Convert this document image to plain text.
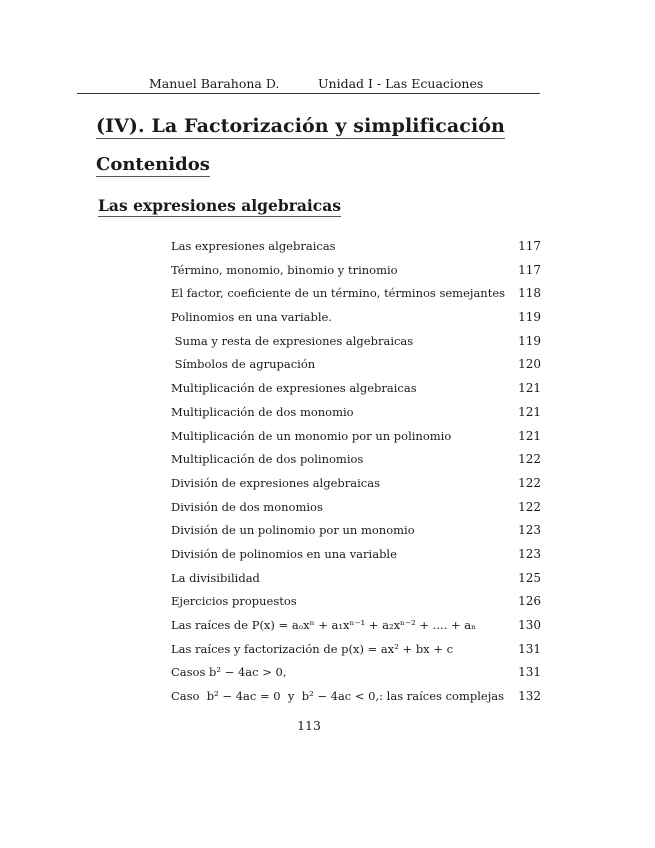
Manuel Barahona D.	Unidad I - Las Ecuaciones
(IV). La Factorización y simplificación
Contenidos
Las expresiones algebraicas
Las expresiones algebraicas	117
Término, monomio, binomio y trinomio	117
El factor, coeficiente de un término, términos semejantes 118
Polinomios en una variable.	119
Suma y resta de expresiones algebraicas	119
Símbolos de agrupación	120
Multiplicación de expresiones algebraicas	121
Multiplicación de dos monomio	121
Multiplicación de un monomio por un polinomio	121
Multiplicación de dos polinomios	122
División de expresiones algebraicas	122
División de dos monomios	122
División de un polinomio por un monomio	123
División de polinomios en una variable	123
La divisibilidad	125
Ejercicios propuestos	126
Las raíces de P(x) = aₒxⁿ + a₁xⁿ⁻¹ + a₂xⁿ⁻² + .... + aₙ	130
Las raíces y factorización de p(x) = ax² + bx + c	131
Casos b² − 4ac > 0,	131
Caso  b² − 4ac = 0  y  b² − 4ac < 0,: las raíces complejas 132
113
